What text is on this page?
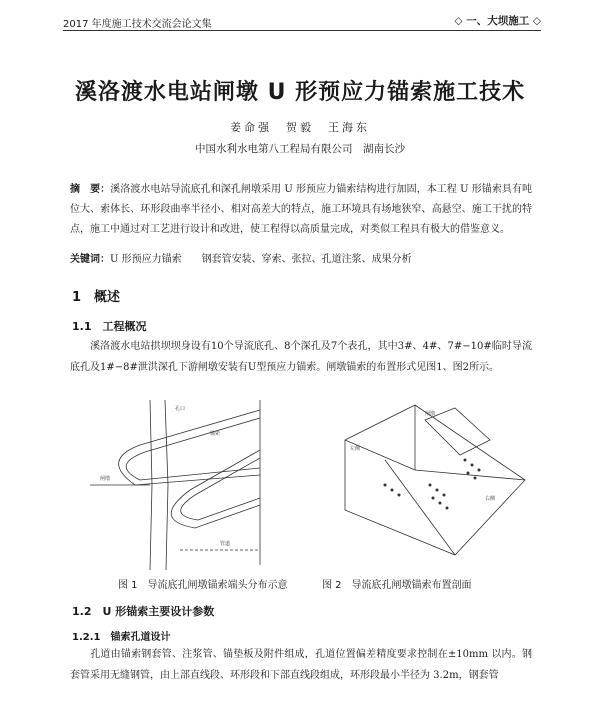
2017 年度施工技术交流会论文集	◇ 一、大坝施工 ◇
溪洛渡水电站闸墩 U 形预应力锚索施工技术
姜命强　贺毅　王海东
中国水利水电第八工程局有限公司　湖南长沙
摘　要：溪洛渡水电站导流底孔和深孔闸墩采用 U 形预应力锚索结构进行加固，本工程 U 形锚索具有吨位大、索体长、环形段曲率半径小、相对高差大的特点，施工环境具有场地狭窄、高悬空、施工干扰的特点，施工中通过对工艺进行设计和改进，使工程得以高质量完成，对类似工程具有极大的借鉴意义。
关键词：U 形预应力锚索　　钢套管安装、穿索、张拉、孔道注浆、成果分析
1　概述
1.1　工程概况
溪洛渡水电站拱坝坝身设有10个导流底孔、8个深孔及7个表孔，其中3#、4#、7#−10#临时导流底孔及1#−8#泄洪深孔下游闸墩安装有U型预应力锚索。闸墩锚索的布置形式见图1、图2所示。
闸墩
孔口
锚索
管道
左侧
右侧
闸墩
图 1　导流底孔闸墩锚索端头分布示意	图 2　导流底孔闸墩锚索布置剖面
1.2　U 形锚索主要设计参数
1.2.1　锚索孔道设计
孔道由锚索钢套管、注浆管、锚垫板及附件组成，孔道位置偏差精度要求控制在±10mm 以内。钢套管采用无缝钢管，由上部直线段、环形段和下部直线段组成，环形段最小半径为 3.2m，钢套管
